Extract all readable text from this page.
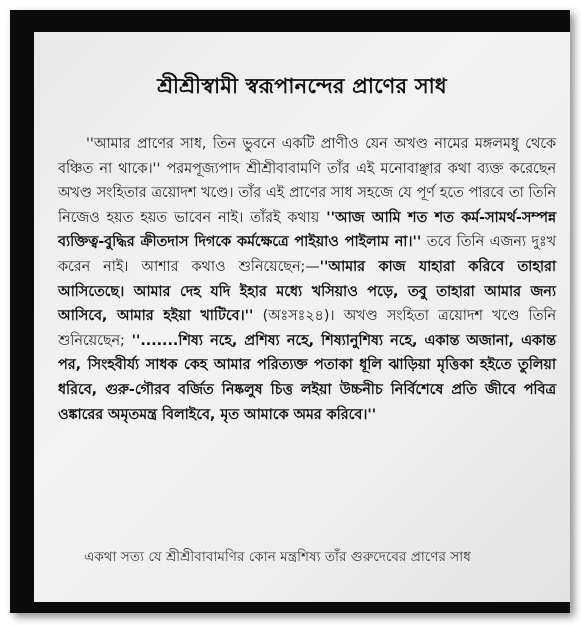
শ্রীশ্রীস্বামী স্বরূপানন্দের প্রাণের সাধ

''আমার প্রাণের সাধ, তিন ভুবনে একটি প্রাণীও যেন অখণ্ড নামের মঙ্গলমধু থেকে বঞ্চিত না থাকে।'' পরমপূজ্যপাদ শ্রীশ্রীবাবামণি তাঁর এই মনোবাঞ্ছার কথা ব্যক্ত করেছেন অখণ্ড সংহিতার ত্রয়োদশ খণ্ডে। তাঁর এই প্রাণের সাধ সহজে যে পূর্ণ হতে পারবে তা তিনি নিজেও হয়ত হয়ত ভাবেন নাই। তাঁরই কথায় ''আজ আমি শত শত কর্ম-সামর্থ-সম্পন্ন ব্যক্তিত্ব-বুদ্ধির ক্রীতদাস দিগকে কর্মক্ষেত্রে পাইয়াও পাইলাম না।'' তবে তিনি এজন্য দুঃখ করেন নাই। আশার কথাও শুনিয়েছেন;—''আমার কাজ যাহারা করিবে তাহারা আসিতেছে। আমার দেহ যদি ইহার মধ্যে খসিয়াও পড়ে, তবু তাহারা আমার জন্য আসিবে, আমার হইয়া খাটিবে।'' (অঃসঃ২৪)। অখণ্ড সংহিতা ত্রয়োদশ খণ্ডে তিনি শুনিয়েছেন; ''.......শিষ্য নহে, প্রশিষ্য নহে, শিষ্যানুশিষ্য নহে, একান্ত অজানা, একান্ত পর, সিংহবীর্য্য সাধক কেহ আমার পরিত্যক্ত পতাকা ধূলি ঝাড়িয়া মৃত্তিকা হইতে তুলিয়া ধরিবে, গুরু-গৌরব বর্জিত নিষ্কলুষ চিত্ত লইয়া উচ্চনীচ নির্বিশেষে প্রতি জীবে পবিত্র ওঙ্কারের অমৃতমন্ত্র বিলাইবে, মৃত আমাকে অমর করিবে।''

একথা সত্য যে শ্রীশ্রীবাবামণির কোন মন্ত্রশিষ্য তাঁর গুরুদেবের প্রাণের সাধ
